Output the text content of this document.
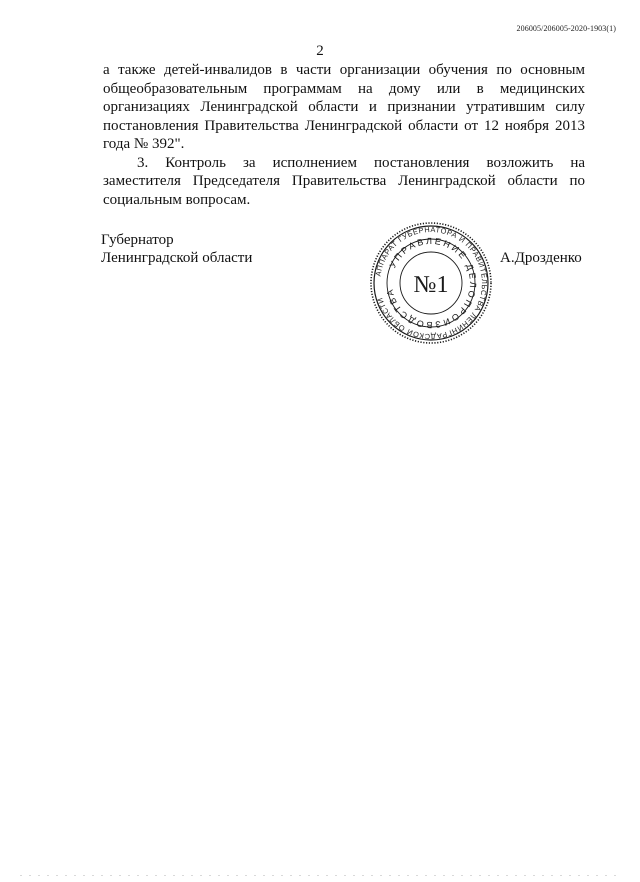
206005/206005-2020-1903(1)
2

а также детей-инвалидов в части организации обучения по основным общеобразовательным программам на дому или в медицинских организациях Ленинградской области и признании утратившим силу постановления Правительства Ленинградской области от 12 ноября 2013 года № 392".

3. Контроль за исполнением постановления возложить на заместителя Председателя Правительства Ленинградской области по социальным вопросам.

Губернатор
Ленинградской области
АППАРАТ ГУБЕРНАТОРА И ПРАВИТЕЛЬСТВА ЛЕНИНГРАДСКОЙ ОБЛАСТИ
УПРАВЛЕНИЕ ДЕЛОПРОИЗВОДСТВА №1
А.Дрозденко
